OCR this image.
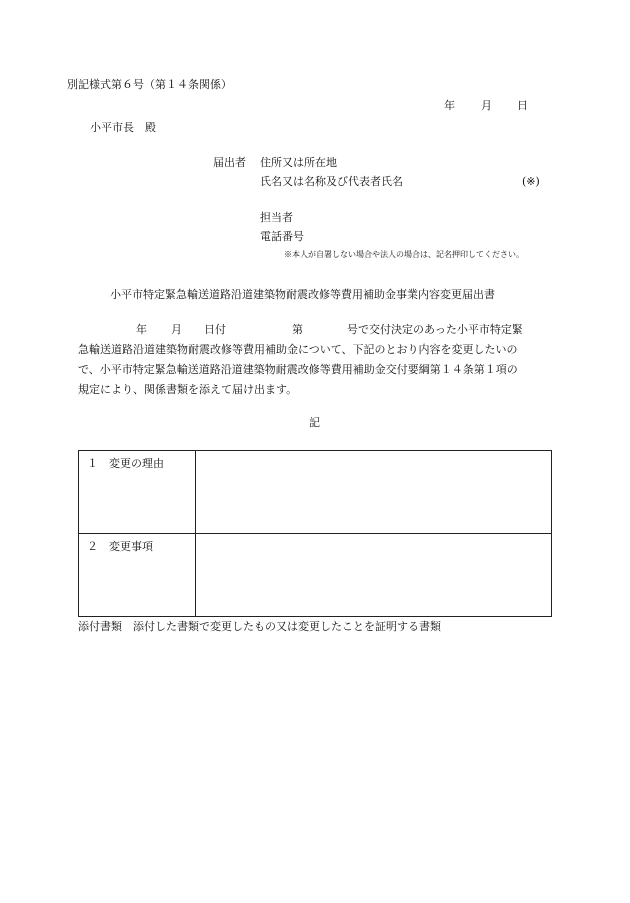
別記様式第６号（第１４条関係）
年 月 日
小平市長　殿
届出者 住所又は所在地
氏名又は名称及び代表者氏名	(※)
担当者
電話番号
※本人が自署しない場合や法人の場合は、記名押印してください。
小平市特定緊急輸送道路沿道建築物耐震改修等費用補助金事業内容変更届出書
年 月 日付	第	号で交付決定のあった小平市特定緊
急輸送道路沿道建築物耐震改修等費用補助金について、下記のとおり内容を変更したいの
で、小平市特定緊急輸送道路沿道建築物耐震改修等費用補助金交付要綱第１４条第１項の
規定により、関係書類を添えて届け出ます。
記
１　変更の理由	
２　変更事項	
添付書類　添付した書類で変更したもの又は変更したことを証明する書類
